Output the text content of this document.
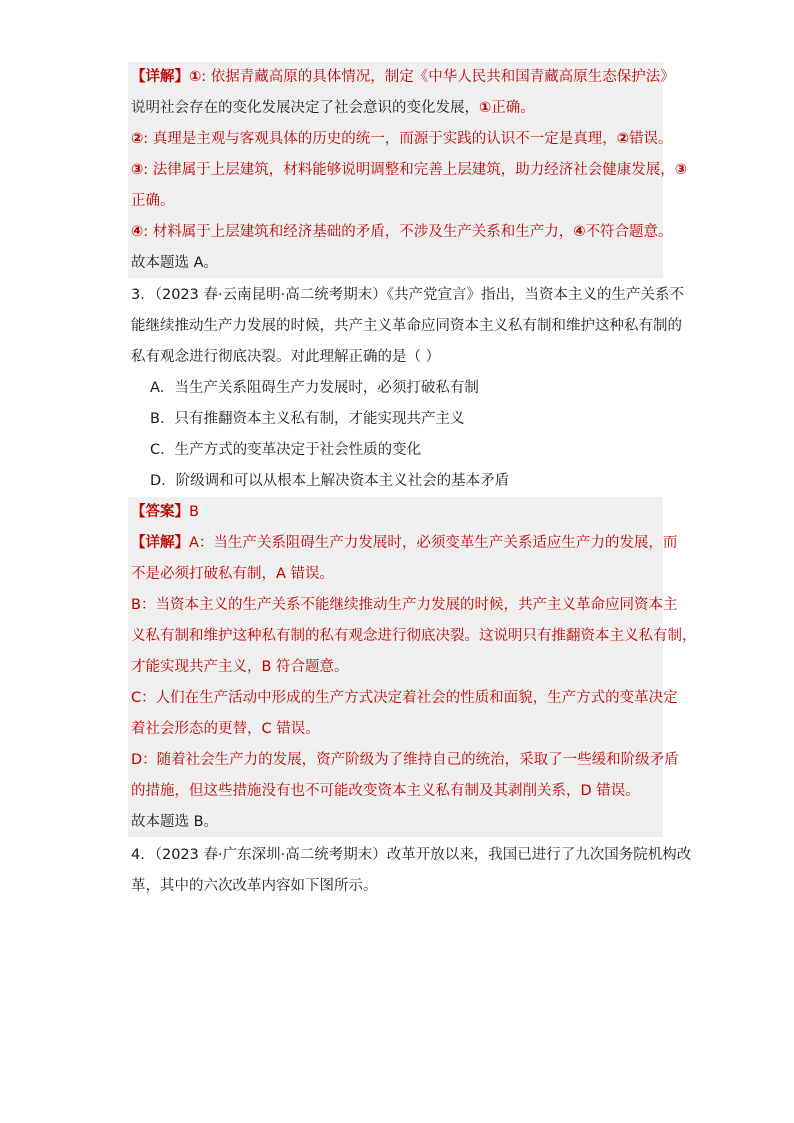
【详解】①: 依据青藏高原的具体情况，制定《中华人民共和国青藏高原生态保护法》
说明社会存在的变化发展决定了社会意识的变化发展，①正确。
②: 真理是主观与客观具体的历史的统一，而源于实践的认识不一定是真理，②错误。
③: 法律属于上层建筑，材料能够说明调整和完善上层建筑，助力经济社会健康发展，③
正确。
④: 材料属于上层建筑和经济基础的矛盾，不涉及生产关系和生产力，④不符合题意。
故本题选 A。
3．（2023 春·云南昆明·高二统考期末）《共产党宣言》指出，当资本主义的生产关系不
能继续推动生产力发展的时候，共产主义革命应同资本主义私有制和维护这种私有制的
私有观念进行彻底决裂。对此理解正确的是（ ）
A．当生产关系阻碍生产力发展时，必须打破私有制
B．只有推翻资本主义私有制，才能实现共产主义
C．生产方式的变革决定于社会性质的变化
D．阶级调和可以从根本上解决资本主义社会的基本矛盾
【答案】B
【详解】A：当生产关系阻碍生产力发展时，必须变革生产关系适应生产力的发展，而
不是必须打破私有制，A 错误。
B：当资本主义的生产关系不能继续推动生产力发展的时候，共产主义革命应同资本主
义私有制和维护这种私有制的私有观念进行彻底决裂。这说明只有推翻资本主义私有制，
才能实现共产主义，B 符合题意。
C：人们在生产活动中形成的生产方式决定着社会的性质和面貌，生产方式的变革决定
着社会形态的更替，C 错误。
D：随着社会生产力的发展，资产阶级为了维持自己的统治，采取了一些缓和阶级矛盾
的措施，但这些措施没有也不可能改变资本主义私有制及其剥削关系，D 错误。
故本题选 B。
4．（2023 春·广东深圳·高二统考期末）改革开放以来，我国已进行了九次国务院机构改
革，其中的六次改革内容如下图所示。
